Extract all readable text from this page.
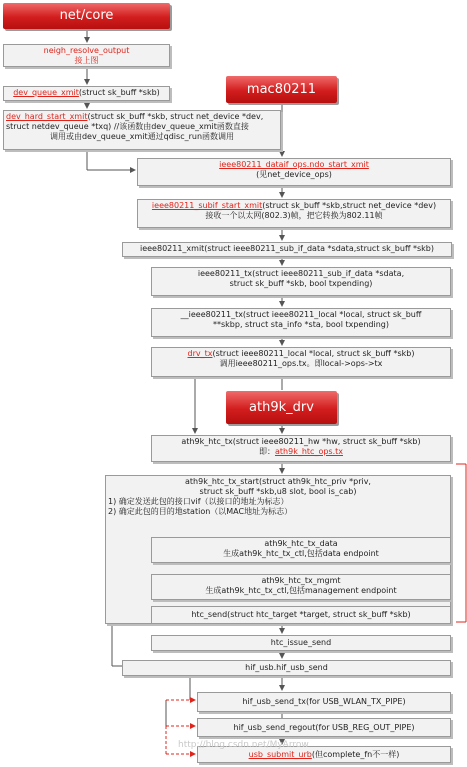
net/core
neigh_resolve_output
接上图
dev_queue_xmit(struct sk_buff *skb)
dev_hard_start_xmit(struct sk_buff *skb, struct net_device *dev,
struct netdev_queue *txq) //该函数由dev_queue_xmit函数直接
调用或由dev_queue_xmit通过qdisc_run函数调用
mac80211
ieee80211_dataif_ops.ndo_start_xmit
(见net_device_ops)
ieee80211_subif_start_xmit(struct sk_buff *skb,struct net_device *dev)
接收一个以太网(802.3)帧，把它转换为802.11帧
ieee80211_xmit(struct ieee80211_sub_if_data *sdata,struct sk_buff *skb)
ieee80211_tx(struct ieee80211_sub_if_data *sdata,
struct sk_buff *skb, bool txpending)
__ieee80211_tx(struct ieee80211_local *local, struct sk_buff
**skbp, struct sta_info *sta, bool txpending)
drv_tx(struct ieee80211_local *local, struct sk_buff *skb)
调用ieee80211_ops.tx。即local->ops->tx
ath9k_drv
ath9k_htc_tx(struct ieee80211_hw *hw, struct sk_buff *skb)
即：ath9k_htc_ops.tx
ath9k_htc_tx_start(struct ath9k_htc_priv *priv,
struct sk_buff *skb,u8 slot, bool is_cab)
1) 确定发送此包的接口vif（以接口的地址为标志）
2) 确定此包的目的地station（以MAC地址为标志）
ath9k_htc_tx_data
生成ath9k_htc_tx_ctl,包括data endpoint
ath9k_htc_tx_mgmt
生成ath9k_htc_tx_ctl,包括management endpoint
htc_send(struct htc_target *target, struct sk_buff *skb)
htc_issue_send
hif_usb.hif_usb_send
hif_usb_send_tx(for USB_WLAN_TX_PIPE)
hif_usb_send_regout(for USB_REG_OUT_PIPE)
usb_submit_urb(但complete_fn不一样)
http://blog.csdn.net/MyArrow
